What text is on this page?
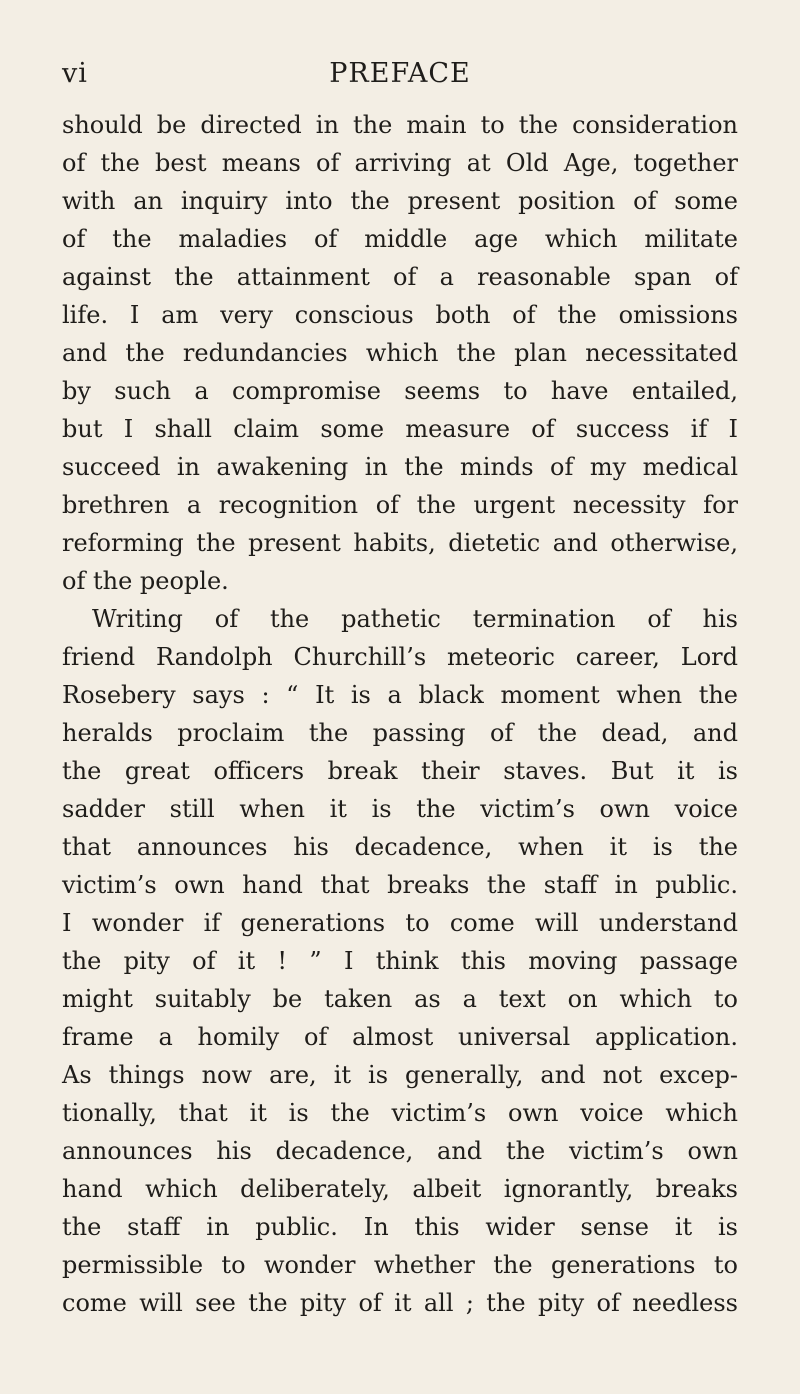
vi	PREFACE
should be directed in the main to the consideration
of the best means of arriving at Old Age, together
with an inquiry into the present position of some
of the maladies of middle age which militate
against the attainment of a reasonable span of
life. I am very conscious both of the omissions
and the redundancies which the plan necessitated
by such a compromise seems to have entailed,
but I shall claim some measure of success if I
succeed in awakening in the minds of my medical
brethren a recognition of the urgent necessity for
reforming the present habits, dietetic and otherwise,
of the people.
Writing of the pathetic termination of his
friend Randolph Churchill’s meteoric career, Lord
Rosebery says : “ It is a black moment when the
heralds proclaim the passing of the dead, and
the great officers break their staves. But it is
sadder still when it is the victim’s own voice
that announces his decadence, when it is the
victim’s own hand that breaks the staff in public.
I wonder if generations to come will understand
the pity of it ! ” I think this moving passage
might suitably be taken as a text on which to
frame a homily of almost universal application.
As things now are, it is generally, and not excep-
tionally, that it is the victim’s own voice which
announces his decadence, and the victim’s own
hand which deliberately, albeit ignorantly, breaks
the staff in public. In this wider sense it is
permissible to wonder whether the generations to
come will see the pity of it all ; the pity of needless
